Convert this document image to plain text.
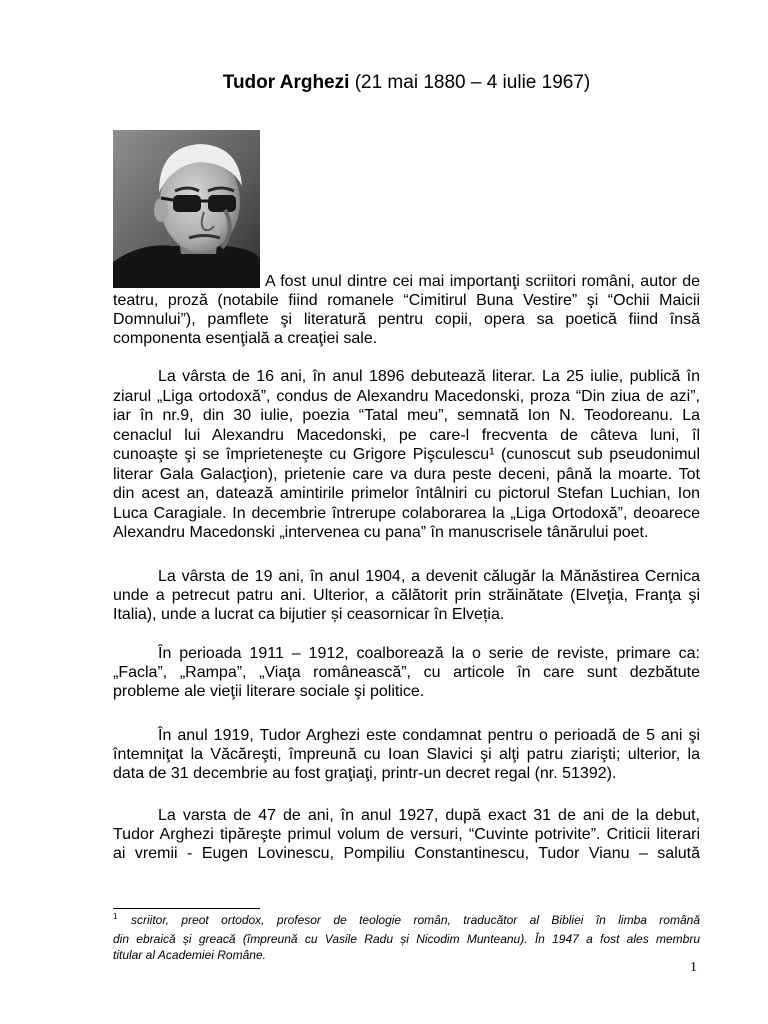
Tudor Arghezi (21 mai 1880 – 4 iulie 1967)
A fost unul dintre cei mai importanţi scriitori români, autor de
teatru, proză (notabile fiind romanele “Cimitirul Buna Vestire” şi “Ochii Maicii
Domnului”), pamflete şi literatură pentru copii, opera sa poetică fiind însă
componenta esenţială a creaţiei sale.
La vârsta de 16 ani, în anul 1896 debutează literar. La 25 iulie, publică în
ziarul „Liga ortodoxă”, condus de Alexandru Macedonski, proza “Din ziua de azi”,
iar în nr.9, din 30 iulie, poezia “Tatal meu”, semnată Ion N. Teodoreanu. La
cenaclul lui Alexandru Macedonski, pe care-l frecventa de câteva luni, îl
cunoaşte şi se împrieteneşte cu Grigore Pişculescu¹ (cunoscut sub pseudonimul
literar Gala Galacţion), prietenie care va dura peste deceni, până la moarte. Tot
din acest an, datează amintirile primelor întâlniri cu pictorul Stefan Luchian, Ion
Luca Caragiale. In decembrie întrerupe colaborarea la „Liga Ortodoxă”, deoarece
Alexandru Macedonski „intervenea cu pana” în manuscrisele tânărului poet.
La vârsta de 19 ani, în anul 1904, a devenit călugăr la Mănăstirea Cernica
unde a petrecut patru ani. Ulterior, a călătorit prin străinătate (Elveţia, Franţa şi
Italia), unde a lucrat ca bijutier și ceasornicar în Elveția.
În perioada 1911 – 1912, coalborează la o serie de reviste, primare ca:
„Facla”, „Rampa”, „Viaţa românească”, cu articole în care sunt dezbătute
probleme ale vieţii literare sociale şi politice.
În anul 1919, Tudor Arghezi este condamnat pentru o perioadă de 5 ani şi
întemniţat la Văcăreşti, împreună cu Ioan Slavici şi alţi patru ziarişti; ulterior, la
data de 31 decembrie au fost graţiaţi, printr-un decret regal (nr. 51392).
La varsta de 47 de ani, în anul 1927, după exact 31 de ani de la debut,
Tudor Arghezi tipăreşte primul volum de versuri, “Cuvinte potrivite”. Criticii literari
ai vremii - Eugen Lovinescu, Pompiliu Constantinescu, Tudor Vianu – salută
1	scriitor, preot ortodox, profesor de teologie român, traducător al Bibliei în limba română
din ebraică și greacă (împreună cu Vasile Radu și Nicodim Munteanu). În 1947 a fost ales membru
titular al Academiei Române.
1
